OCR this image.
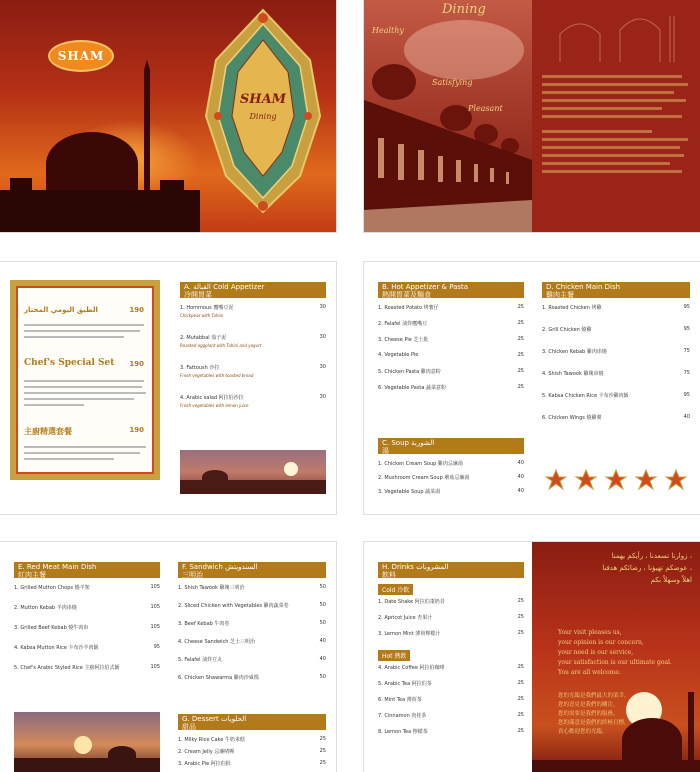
SHAM
SHAM
Dining
Dining
Healthy
Satisfying
Pleasant
الطبق اليومي المختار	190
Chef's Special Set 190
主廚精選套餐	190
A. القبالة Cold Appetizer
冷開胃菜
1. Hommous 鷹嘴豆泥	30
Chickpeas with Tahini
2. Mutabbal 茄子泥	30
Roasted eggplant with Tahini and yogurt
3. Fattoush 沙拉	30
Fresh vegetables with toasted bread
4. Arabic salad 阿拉伯沙拉	30
Fresh vegetables with lemon juice
B. Hot Appetizer & Pasta
熱開胃菜及麵食
1. Roasted Potato 烤薯仔	25
2. Falafel 油炸鷹嘴豆	25
3. Cheese Pie 芝士批	25
4. Vegetable Pie	25
5. Chicken Pasta 雞肉意粉	25
6. Vegetable Pasta 蔬菜意粉	25
C. Soup الشوربة
湯
1. Chicken Cream Soup 雞肉忌廉湯	40
2. Mushroom Cream Soup 蘑菇忌廉湯	40
3. Vegetable Soup 蔬菜湯	40
D. Chicken Main Dish
雞肉主餐
1. Roasted Chicken 烤雞	95
2. Grill Chicken 燒雞	95
3. Chicken Kebab 雞肉串燒	75
4. Shish Tawook 雞塊串燒	75
5. Kabsa Chicken Rice 卡布沙雞肉飯	95
6. Chicken Wings 燒雞翼	40
E. Red Meat Main Dish
紅肉主餐
1. Grilled Mutton Chops 燒羊架	105
2. Mutton Kebab 羊肉串燒	105
3. Grilled Beef Kebab 燒牛肉串	105
4. Kabsa Mutton Rice 卡布沙羊肉飯	95
5. Chef's Arabic Styled Rice 主廚阿拉伯式飯	105
F. Sandwich السندويتش
三明治
1. Shish Tawook 雞塊三明治	50
2. Sliced Chicken with Vegetables 雞肉蔬菜卷	50
3. Beef Kebab 牛肉卷	50
4. Cheese Sandwich 芝士三明治	40
5. Falafel 油炸豆丸	40
6. Chicken Shawarma 雞肉沙威瑪	50
G. Dessert الحلويات
甜品
1. Milky Rice Cake 牛奶米糕	25
2. Cream Jelly 忌廉啫喱	25
3. Arabic Pie 阿拉伯批	25
H. Drinks المشروبات
飲料
Cold 冷飲
1. Date Shake 阿拉伯棗奶昔	25
2. Apricot Juice 杏果汁	25
3. Lemon Mint 薄荷檸檬汁	25
Hot 熱飲
4. Arabic Coffee 阿拉伯咖啡	25
5. Arabic Tea 阿拉伯茶	25
6. Mint Tea 薄荷茶	25
7. Cinnamon 肉桂茶	25
8. Lemon Tea 檸檬茶	25
زوارنا تسعدنا ، رأيكم يهمنا ،
عوضكم تهيؤنا ، رضائكم هدفنا ،
اهلاً وسهلاً بكم
Your visit pleases us,
your opinion is our concern,
your need is our service,
your satisfaction is our ultimate goal.
You are all welcome.
您的光臨是我們最大的榮幸，
您的意見是我們的關注，
您的需要是我們的服務，
您的滿意是我們的終極目標，
真心歡迎您的光臨。
